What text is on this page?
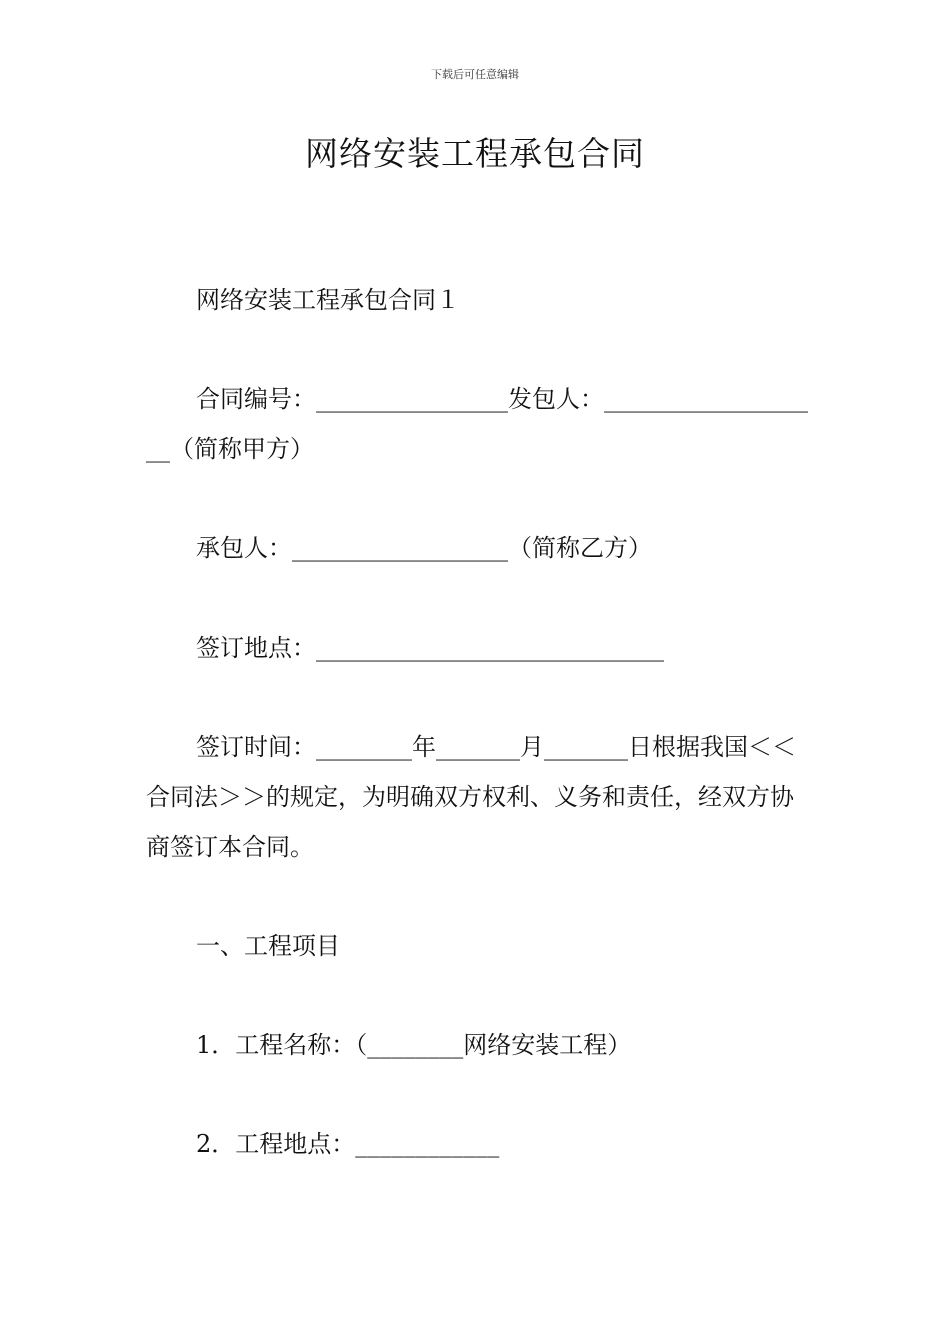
下载后可任意编辑
网络安装工程承包合同
网络安装工程承包合同１
合同编号：________________发包人：___________________（简称甲方）
承包人：__________________（简称乙方）
签订地点：_____________________________
签订时间：________年_______月_______日根据我国＜＜合同法＞＞的规定，为明确双方权利、义务和责任，经双方协商签订本合同。
一、工程项目
1．工程名称：（________网络安装工程）
2．工程地点：____________
